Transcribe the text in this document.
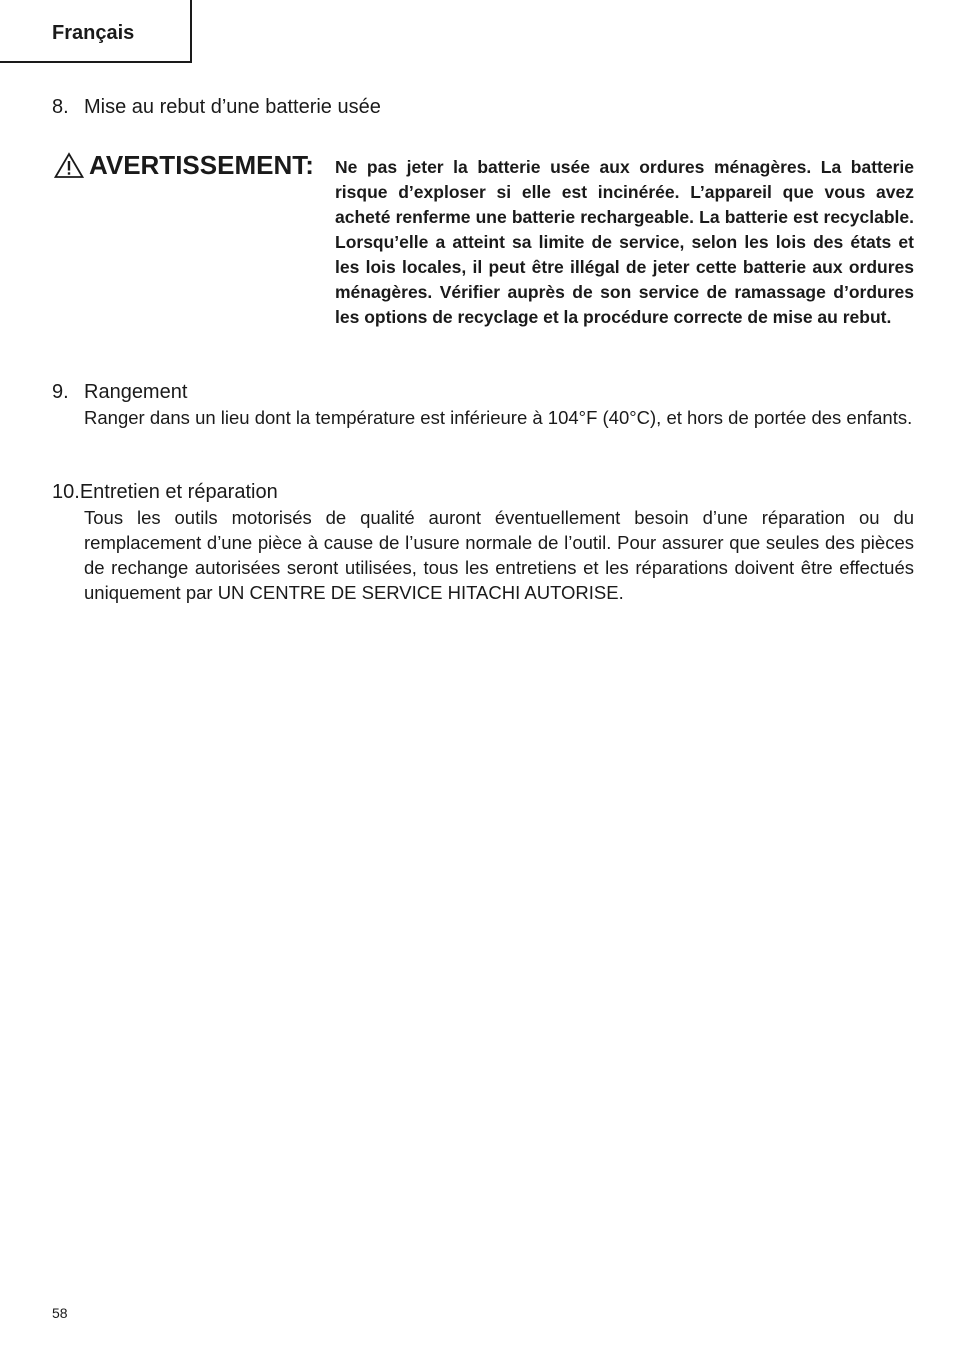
Français
8. Mise au rebut d’une batterie usée
AVERTISSEMENT: Ne pas jeter la batterie usée aux ordures ménagères. La batterie risque d’exploser si elle est incinérée. L’appareil que vous avez acheté renferme une batterie rechargeable. La batterie est recyclable. Lorsqu’elle a atteint sa limite de service, selon les lois des états et les lois locales, il peut être illégal de jeter cette batterie aux ordures ménagères. Vérifier auprès de son service de ramassage d’ordures les options de recyclage et la procédure correcte de mise au rebut.

9. Rangement

Ranger dans un lieu dont la température est inférieure à 104°F (40°C), et hors de portée des enfants.

10.Entretien et réparation

Tous les outils motorisés de qualité auront éventuellement besoin d’une réparation ou du remplacement d’une pièce à cause de l’usure normale de l’outil. Pour assurer que seules des pièces de rechange autorisées seront utilisées, tous les entretiens et les réparations doivent être effectués uniquement par UN CENTRE DE SERVICE HITACHI AUTORISE.

58
